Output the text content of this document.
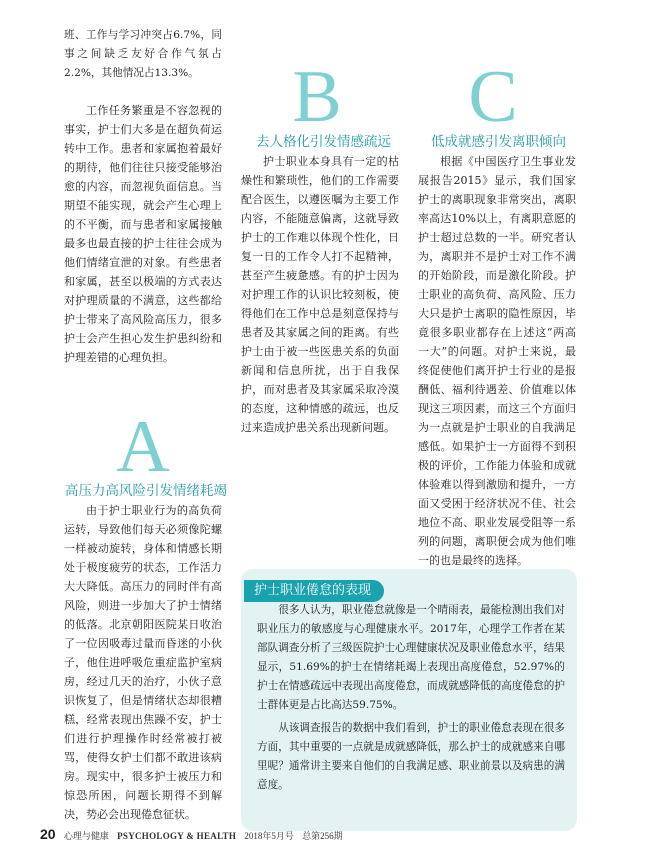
班、工作与学习冲突占6.7%，同事之间缺乏友好合作气氛占2.2%，其他情况占13.3%。

工作任务繁重是不容忽视的事实，护士们大多是在超负荷运转中工作。患者和家属抱着最好的期待，他们往往只接受能够治愈的内容，而忽视负面信息。当期望不能实现，就会产生心理上的不平衡，而与患者和家属接触最多也最直接的护士往往会成为他们情绪宣泄的对象。有些患者和家属，甚至以极端的方式表达对护理质量的不满意，这些都给护士带来了高风险高压力，很多护士会产生担心发生护患纠纷和护理差错的心理负担。

A
高压力高风险引发情绪耗竭

由于护士职业行为的高负荷运转，导致他们每天必须像陀螺一样被动旋转，身体和情感长期处于极度疲劳的状态，工作活力大大降低。高压力的同时伴有高风险，则进一步加大了护士情绪的低落。北京朝阳医院某日收治了一位因吸毒过量而昏迷的小伙子，他住进呼吸危重症监护室病房，经过几天的治疗，小伙子意识恢复了，但是情绪状态却很糟糕，经常表现出焦躁不安，护士们进行护理操作时经常被打被骂，使得女护士们都不敢进该病房。现实中，很多护士被压力和惊恐所困，问题长期得不到解决，势必会出现倦怠征状。

B
去人格化引发情感疏远

护士职业本身具有一定的枯燥性和繁琐性，他们的工作需要配合医生，以遵医嘱为主要工作内容，不能随意偏离，这就导致护士的工作难以体现个性化，日复一日的工作令人打不起精神，甚至产生疲惫感。有的护士因为对护理工作的认识比较刻板，使得他们在工作中总是刻意保持与患者及其家属之间的距离。有些护士由于被一些医患关系的负面新闻和信息所扰，出于自我保护，而对患者及其家属采取冷漠的态度，这种情感的疏远，也反过来造成护患关系出现新问题。

C
低成就感引发离职倾向

根据《中国医疗卫生事业发展报告2015》显示，我们国家护士的离职现象非常突出，离职率高达10%以上，有离职意愿的护士超过总数的一半。研究者认为，离职并不是护士对工作不满的开始阶段，而是激化阶段。护士职业的高负荷、高风险、压力大只是护士离职的隐性原因，毕竟很多职业都存在上述这“两高一大”的问题。对护士来说，最终促使他们离开护士行业的是报酬低、福利待遇差、价值难以体现这三项因素，而这三个方面归为一点就是护士职业的自我满足感低。如果护士一方面得不到积极的评价，工作能力体验和成就体验难以得到激励和提升，一方面又受困于经济状况不佳、社会地位不高、职业发展受阻等一系列的问题，离职便会成为他们唯一的也是最终的选择。

护士职业倦怠的表现

很多人认为，职业倦怠就像是一个晴雨表，最能检测出我们对职业压力的敏感度与心理健康水平。2017年，心理学工作者在某部队调查分析了三级医院护士心理健康状况及职业倦怠水平，结果显示，51.69%的护士在情绪耗竭上表现出高度倦怠，52.97%的护士在情感疏远中表现出高度倦怠，而成就感降低的高度倦怠的护士群体更是占比高达59.75%。

从该调查报告的数据中我们看到，护士的职业倦怠表现在很多方面，其中重要的一点就是成就感降低，那么护士的成就感来自哪里呢？通常讲主要来自他们的自我满足感、职业前景以及病患的满意度。

20 心理与健康 PSYCHOLOGY & HEALTH 2018年5月号 总第256期
